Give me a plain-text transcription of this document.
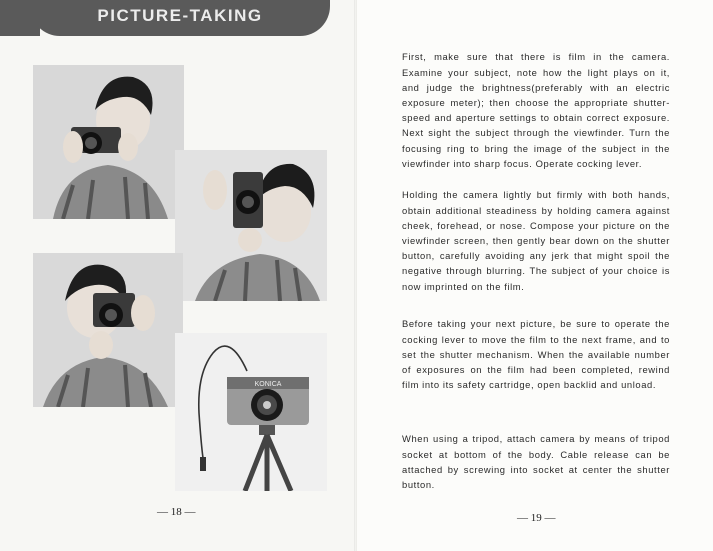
PICTURE-TAKING
KONICA
— 18 —

First, make sure that there is film in the camera. Examine your subject, note how the light plays on it, and judge the brightness(preferably with an electric exposure meter); then choose the appropriate shutter-speed and aperture settings to obtain correct exposure. Next sight the subject through the viewfinder. Turn the focusing ring to bring the image of the subject in the viewfinder into sharp focus. Operate cocking lever.

Holding the camera lightly but firmly with both hands, obtain additional steadiness by holding camera against cheek, forehead, or nose. Compose your picture on the viewfinder screen, then gently bear down on the shutter button, carefully avoiding any jerk that might spoil the negative through blurring. The subject of your choice is now imprinted on the film.

Before taking your next picture, be sure to operate the cocking lever to move the film to the next frame, and to set the shutter mechanism. When the available number of exposures on the film had been completed, rewind film into its safety cartridge, open backlid and unload.

When using a tripod, attach camera by means of tripod socket at bottom of the body. Cable release can be attached by screwing into socket at center the shutter button.

— 19 —
